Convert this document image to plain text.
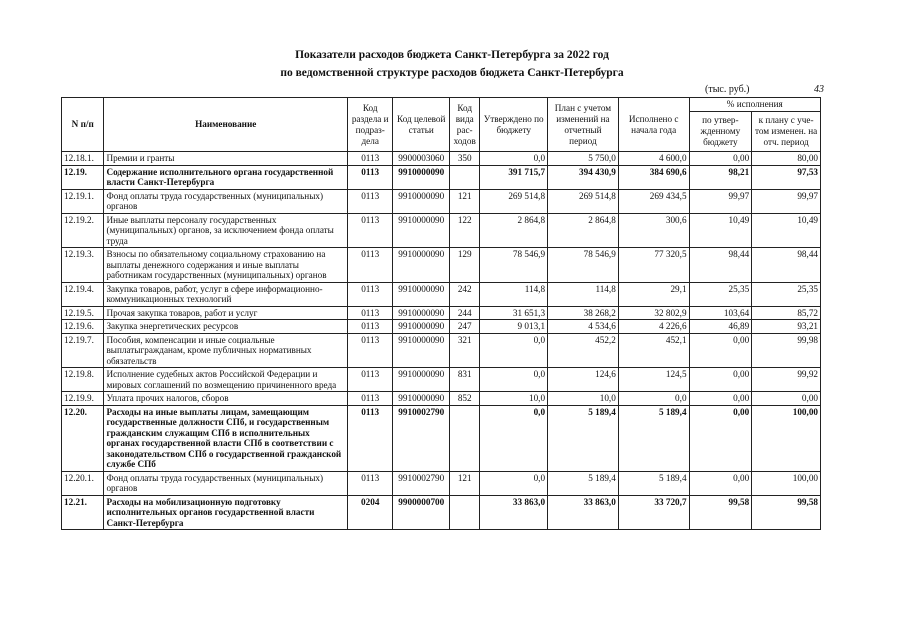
Показатели расходов бюджета Санкт-Петербурга за 2022 год
по ведомственной структуре расходов бюджета Санкт-Петербурга
(тыс. руб.)	43
N п/п	Наименование	Код раздела и подраз-дела	Код целевой статьи	Код вида рас-ходов	Утверждено по бюджету	План с учетом изменений на отчетный период	Исполнено с начала года	% исполнения	
								по утвер-жденному бюджету	к плану с уче-том изменен. на отч. период
12.18.1.	Премии и гранты	0113	9900003060	350	0,0	5 750,0	4 600,0	0,00	80,00
12.19.	Содержание исполнительного органа государственной власти Санкт-Петербурга	0113	9910000090		391 715,7	394 430,9	384 690,6	98,21	97,53
12.19.1.	Фонд оплаты труда государственных (муниципальных) органов	0113	9910000090	121	269 514,8	269 514,8	269 434,5	99,97	99,97
12.19.2.	Иные выплаты персоналу государственных (муниципальных) органов, за исключением фонда оплаты труда	0113	9910000090	122	2 864,8	2 864,8	300,6	10,49	10,49
12.19.3.	Взносы по обязательному социальному страхованию на выплаты денежного содержания и иные выплаты работникам государственных (муниципальных) органов	0113	9910000090	129	78 546,9	78 546,9	77 320,5	98,44	98,44
12.19.4.	Закупка товаров, работ, услуг в сфере информационно-коммуникационных технологий	0113	9910000090	242	114,8	114,8	29,1	25,35	25,35
12.19.5.	Прочая закупка товаров, работ и услуг	0113	9910000090	244	31 651,3	38 268,2	32 802,9	103,64	85,72
12.19.6.	Закупка энергетических ресурсов	0113	9910000090	247	9 013,1	4 534,6	4 226,6	46,89	93,21
12.19.7.	Пособия, компенсации и иные социальные выплатыгражданам, кроме публичных нормативных обязательств	0113	9910000090	321	0,0	452,2	452,1	0,00	99,98
12.19.8.	Исполнение судебных актов Российской Федерации и мировых соглашений по возмещению причиненного вреда	0113	9910000090	831	0,0	124,6	124,5	0,00	99,92
12.19.9.	Уплата прочих налогов, сборов	0113	9910000090	852	10,0	10,0	0,0	0,00	0,00
12.20.	Расходы на иные выплаты лицам, замещающим государственные должности СПб, и государственным гражданским служащим СПб в исполнительных органах государственной власти СПб в соответствии с законодательством СПб о государственной гражданской службе СПб	0113	9910002790		0,0	5 189,4	5 189,4	0,00	100,00
12.20.1.	Фонд оплаты труда государственных (муниципальных) органов	0113	9910002790	121	0,0	5 189,4	5 189,4	0,00	100,00
12.21.	Расходы на мобилизационную подготовку исполнительных органов государственной власти Санкт-Петербурга	0204	9900000700		33 863,0	33 863,0	33 720,7	99,58	99,58
